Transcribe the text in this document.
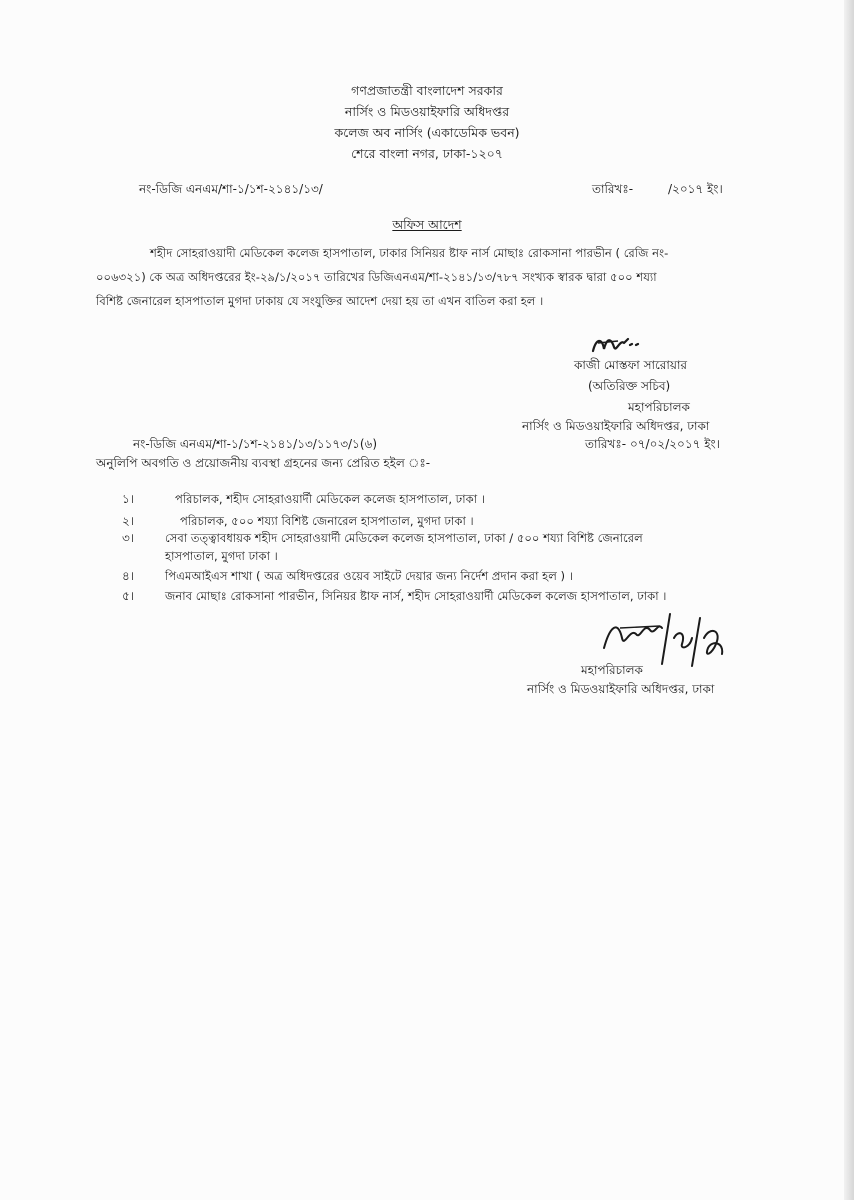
গণপ্রজাতন্ত্রী বাংলাদেশ সরকার
নার্সিং ও মিডওয়াইফারি অধিদপ্তর
কলেজ অব নার্সিং (একাডেমিক ভবন)
শেরে বাংলা নগর, ঢাকা-১২০৭
নং-ডিজি এনএম/শা-১/১শ-২১৪১/১৩/	তারিখঃ-	/২০১৭ ইং।
অফিস আদেশ
শহীদ সোহরাওয়াদী মেডিকেল কলেজ হাসপাতাল, ঢাকার সিনিয়র ষ্টাফ নার্স মোছাঃ রোকসানা পারভীন ( রেজি নং-
০০৬৩২১) কে অত্র অধিদপ্তরের ইং-২৯/১/২০১৭ তারিখের ডিজিএনএম/শা-২১৪১/১৩/৭৮৭ সংখ্যক স্বারক দ্বারা ৫০০ শয্যা
বিশিষ্ট জেনারেল হাসপাতাল মুগদা ঢাকায় যে সংযুক্তির আদেশ দেয়া হয় তা এখন বাতিল করা হল ।
কাজী মোস্তফা সারোয়ার
(অতিরিক্ত সচিব)
মহাপরিচালক
নার্সিং ও মিডওয়াইফারি অধিদপ্তর, ঢাকা
তারিখঃ- ০৭/০২/২০১৭ ইং।
নং-ডিজি এনএম/শা-১/১শ-২১৪১/১৩/১১৭৩/১(৬)
অনুলিপি অবগতি ও প্রয়োজনীয় ব্যবস্থা গ্রহনের জন্য প্রেরিত হইল ঃ-
১।	পরিচালক, শহীদ সোহরাওয়ার্দী মেডিকেল কলেজ হাসপাতাল, ঢাকা ।
২।	পরিচালক, ৫০০ শয্যা বিশিষ্ট জেনারেল হাসপাতাল, মুগদা ঢাকা ।
৩।	সেবা তত্ত্বাবধায়ক শহীদ সোহরাওয়ার্দী মেডিকেল কলেজ হাসপাতাল, ঢাকা / ৫০০ শয্যা বিশিষ্ট জেনারেল
হাসপাতাল, মুগদা ঢাকা ।
৪।	পিএমআইএস শাখা ( অত্র অধিদপ্তরের ওয়েব সাইটে দেয়ার জন্য নির্দেশ প্রদান করা হল ) ।
৫।	জনাব মোছাঃ রোকসানা পারভীন, সিনিয়র ষ্টাফ নার্স, শহীদ সোহরাওয়ার্দী মেডিকেল কলেজ হাসপাতাল, ঢাকা ।
মহাপরিচালক
নার্সিং ও মিডওয়াইফারি অধিদপ্তর, ঢাকা
